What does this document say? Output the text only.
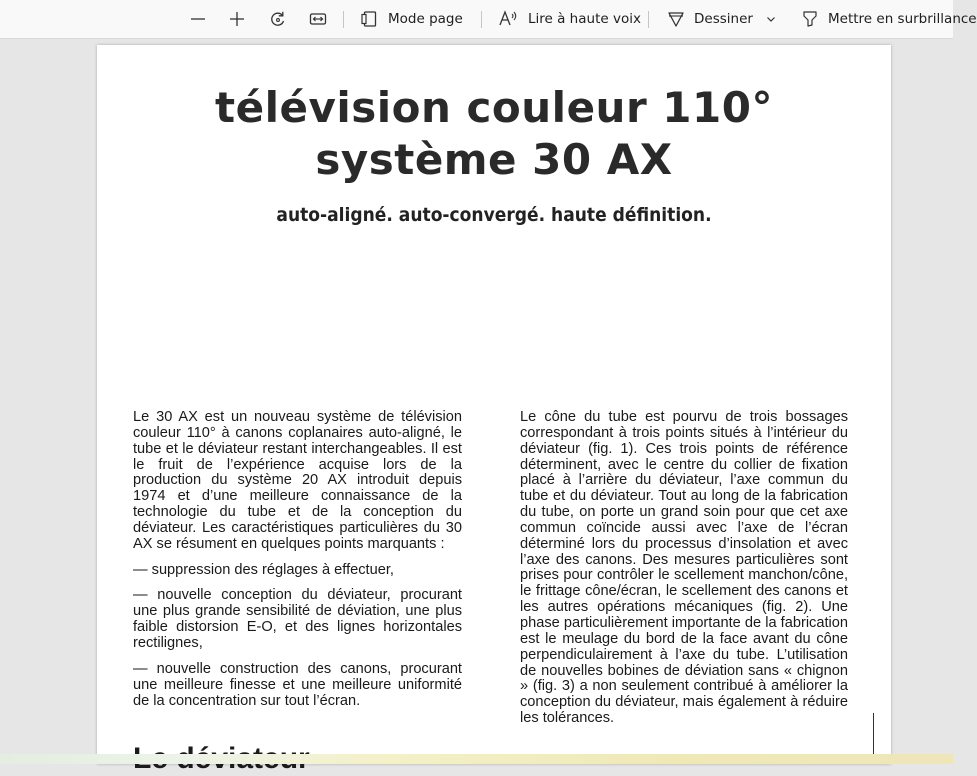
Mode page	Lire à haute voix	Dessiner	Mettre en surbrillance
télévision couleur 110°
système 30 AX
auto-aligné. auto-convergé. haute définition.

Le 30 AX est un nouveau système de télévision couleur 110° à canons coplanaires auto-aligné, le tube et le déviateur restant interchangeables. Il est le fruit de l’expérience acquise lors de la production du système 20 AX introduit depuis 1974 et d’une meilleure connaissance de la technologie du tube et de la conception du déviateur. Les caractéristiques particulières du 30 AX se résument en quelques points marquants :

— suppression des réglages à effectuer,

— nouvelle conception du déviateur, procurant une plus grande sensibilité de déviation, une plus faible distorsion E-O, et des lignes horizontales rectilignes,

— nouvelle construction des canons, procurant une meilleure finesse et une meilleure uniformité de la concentration sur tout l’écran.

Le cône du tube est pourvu de trois bossages correspondant à trois points situés à l’intérieur du déviateur (fig. 1). Ces trois points de référence déterminent, avec le centre du collier de fixation placé à l’arrière du déviateur, l’axe commun du tube et du déviateur. Tout au long de la fabrication du tube, on porte un grand soin pour que cet axe commun coïncide aussi avec l’axe de l’écran déterminé lors du processus d’insolation et avec l’axe des canons. Des mesures particulières sont prises pour contrôler le scellement manchon/cône, le frittage cône/écran, le scellement des canons et les autres opérations mécaniques (fig. 2). Une phase particulièrement importante de la fabrication est le meulage du bord de la face avant du cône perpendiculairement à l’axe du tube. L’utilisation de nouvelles bobines de déviation sans « chignon » (fig. 3) a non seulement contribué à améliorer la conception du déviateur, mais également à réduire les tolérances.
